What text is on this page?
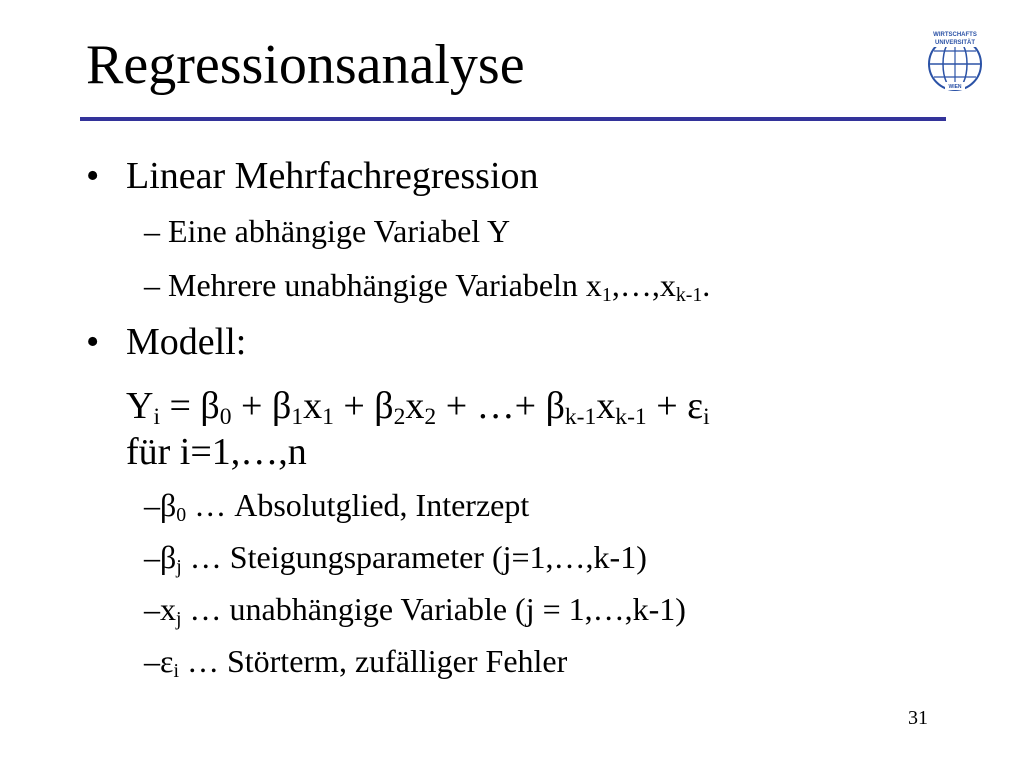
Regressionsanalyse	WIRTSCHAFTS
UNIVERSITÄT
WIEN
• Linear Mehrfachregression
– Eine abhängige Variabel Y
– Mehrere unabhängige Variabeln $x_1,\dots,x_{k-1}$.
• Modell:
$Y_i = \beta_0 + \beta_1x_1 + \beta_2x_2$ + …+ $\beta_{k-1}x_{k-1} + \varepsilon_i$
für i=1,…,n
$-\beta_0$ … Absolutglied, Interzept
$-\beta_j$ … Steigungsparameter (j=1,…,k-1)
$-x_j$ … unabhängige Variable (j = 1,…,k-1)
$-\varepsilon_i$ … Störterm, zufälliger Fehler
31
